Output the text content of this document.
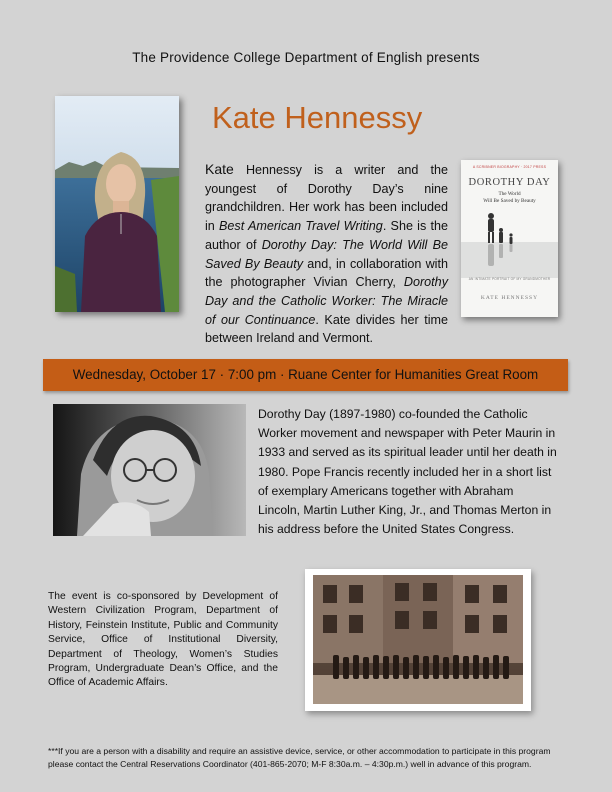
The Providence College Department of English presents
Kate Hennessy
Kate Hennessy is a writer and the youngest of Dorothy Day’s nine grandchildren. Her work has been included in Best American Travel Writing. She is the author of Dorothy Day: The World Will Be Saved By Beauty and, in collaboration with the photographer Vivian Cherry, Dorothy Day and the Catholic Worker: The Miracle of our Continuance. Kate divides her time between Ireland and Vermont.
A SCRIBNER BIOGRAPHY · 2017 PRESS
DOROTHY DAY
The World
Will Be Saved by Beauty
AN INTIMATE PORTRAIT OF MY GRANDMOTHER
KATE HENNESSY
Wednesday, October 17 · 7:00 pm · Ruane Center for Humanities Great Room

Dorothy Day (1897-1980) co-founded the Catholic Worker movement and newspaper with Peter Maurin in 1933 and served as its spiritual leader until her death in 1980. Pope Francis recently included her in a short list of exemplary Americans together with Abraham Lincoln, Martin Luther King, Jr., and Thomas Merton in his address before the United States Congress.

The event is co-sponsored by Development of Western Civilization Program, Department of History, Feinstein Institute, Public and Community Service, Office of Institutional Diversity, Department of Theology, Women’s Studies Program, Undergraduate Dean’s Office, and the Office of Academic Affairs.
***If you are a person with a disability and require an assistive device, service, or other accommodation to participate in this program please contact the Central Reservations Coordinator (401-865-2070; M-F 8:30a.m. – 4:30p.m.) well in advance of this program.
